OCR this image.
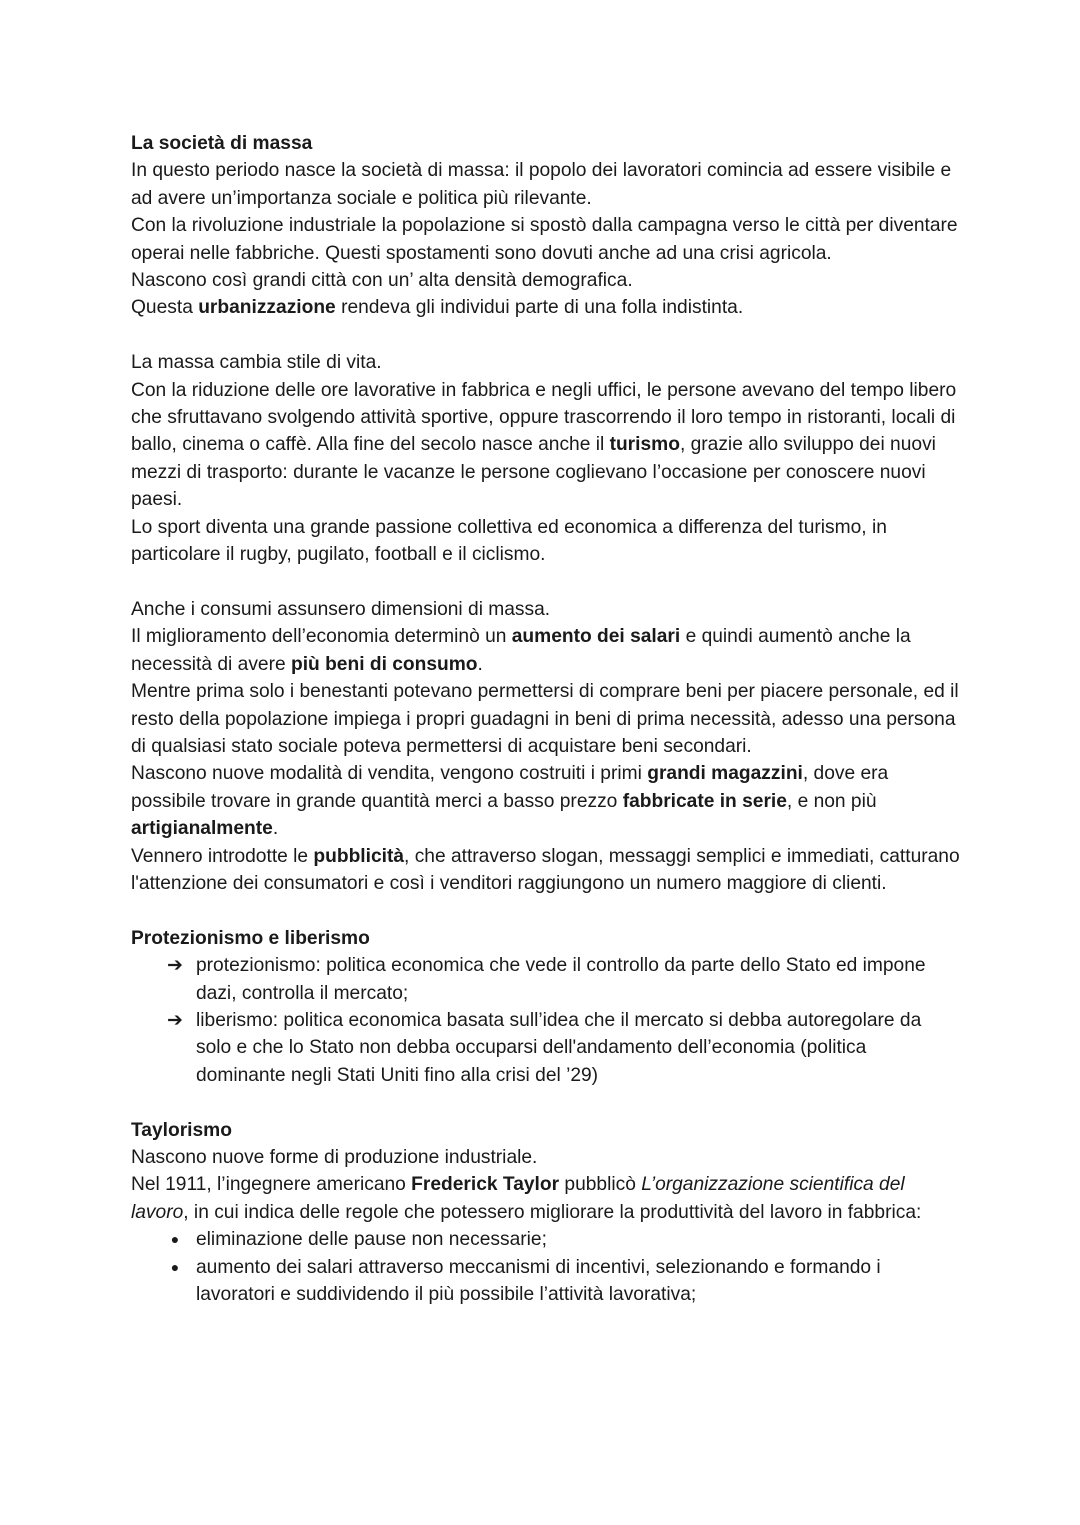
La società di massa

In questo periodo nasce la società di massa: il popolo dei lavoratori comincia ad essere visibile e ad avere un’importanza sociale e politica più rilevante.

Con la rivoluzione industriale la popolazione si spostò dalla campagna verso le città per diventare operai nelle fabbriche. Questi spostamenti sono dovuti anche ad una crisi agricola.

Nascono così grandi città con un’ alta densità demografica.

Questa urbanizzazione rendeva gli individui parte di una folla indistinta.

La massa cambia stile di vita.

Con la riduzione delle ore lavorative in fabbrica e negli uffici, le persone avevano del tempo libero che sfruttavano svolgendo attività sportive, oppure trascorrendo il loro tempo in ristoranti, locali di ballo, cinema o caffè. Alla fine del secolo nasce anche il turismo, grazie allo sviluppo dei nuovi mezzi di trasporto: durante le vacanze le persone coglievano l’occasione per conoscere nuovi paesi.

Lo sport diventa una grande passione collettiva ed economica a differenza del turismo, in particolare il rugby, pugilato, football e il ciclismo.

Anche i consumi assunsero dimensioni di massa.

Il miglioramento dell’economia determinò un aumento dei salari e quindi aumentò anche la necessità di avere più beni di consumo.

Mentre prima solo i benestanti potevano permettersi di comprare beni per piacere personale, ed il resto della popolazione impiega i propri guadagni in beni di prima necessità, adesso una persona di qualsiasi stato sociale poteva permettersi di acquistare beni secondari.

Nascono nuove modalità di vendita, vengono costruiti i primi grandi magazzini, dove era possibile trovare in grande quantità merci a basso prezzo fabbricate in serie, e non più artigianalmente.

Vennero introdotte le pubblicità, che attraverso slogan, messaggi semplici e immediati, catturano l'attenzione dei consumatori e così i venditori raggiungono un numero maggiore di clienti.

Protezionismo e liberismo

➔ protezionismo: politica economica che vede il controllo da parte dello Stato ed impone dazi, controlla il mercato;
➔ liberismo: politica economica basata sull’idea che il mercato si debba autoregolare da solo e che lo Stato non debba occuparsi dell'andamento dell’economia (politica dominante negli Stati Uniti fino alla crisi del ’29)

Taylorismo

Nascono nuove forme di produzione industriale.

Nel 1911, l’ingegnere americano Frederick Taylor pubblicò L’organizzazione scientifica del lavoro, in cui indica delle regole che potessero migliorare la produttività del lavoro in fabbrica:

● eliminazione delle pause non necessarie;
● aumento dei salari attraverso meccanismi di incentivi, selezionando e formando i lavoratori e suddividendo il più possibile l’attività lavorativa;
